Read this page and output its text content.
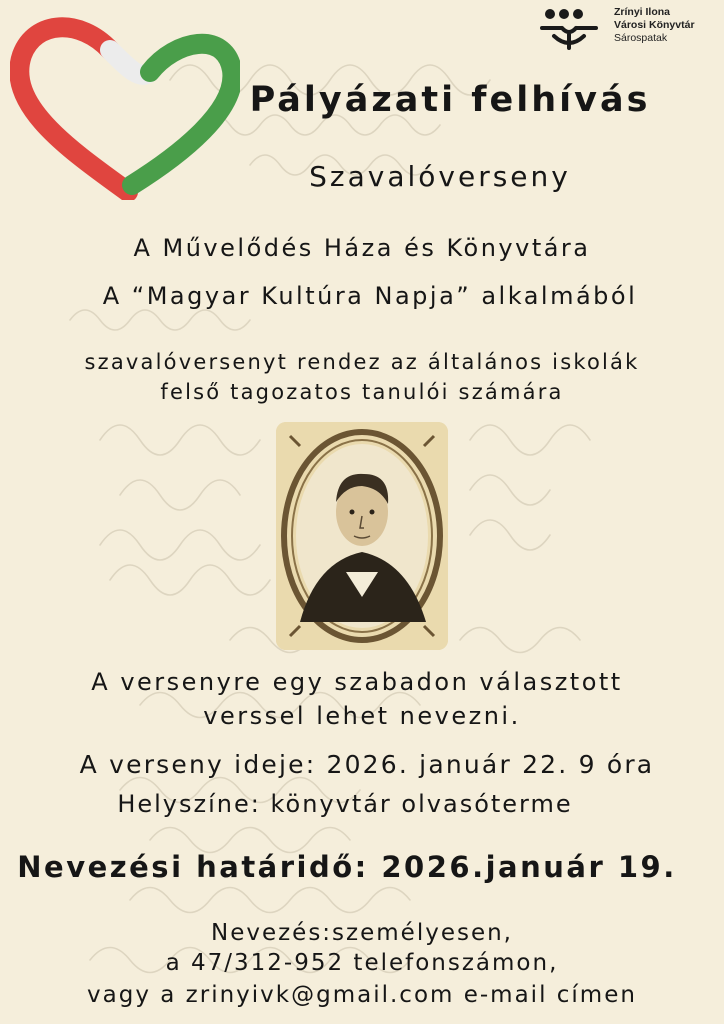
Zrínyi Ilona
Városi Könyvtár
Sárospatak
Pályázati felhívás
Szavalóverseny
A Művelődés Háza és Könyvtára
A “Magyar Kultúra Napja” alkalmából
szavalóversenyt rendez az általános iskolák
felső tagozatos tanulói számára
A versenyre egy szabadon választott
verssel lehet nevezni.
A verseny ideje: 2026. január 22. 9 óra
Helyszíne: könyvtár olvasóterme
Nevezési határidő: 2026.január 19.
Nevezés:személyesen,
a 47/312-952 telefonszámon,
vagy a zrinyivk@gmail.com e-mail címen
